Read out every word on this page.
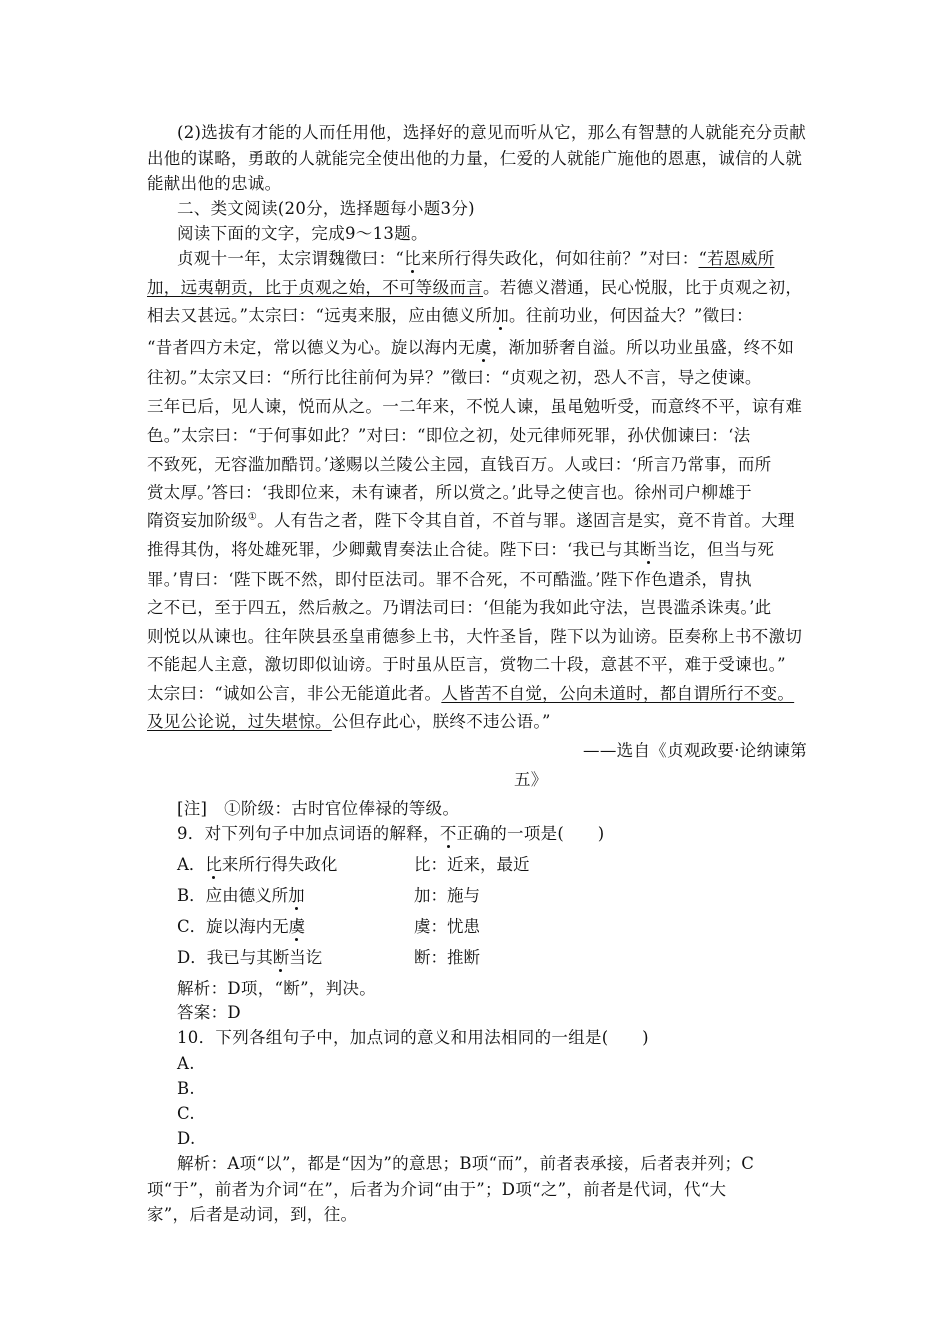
(2)选拔有才能的人而任用他，选择好的意见而听从它，那么有智慧的人就能充分贡献
出他的谋略，勇敢的人就能完全使出他的力量，仁爱的人就能广施他的恩惠，诚信的人就
能献出他的忠诚。
二、类文阅读(20分，选择题每小题3分)
阅读下面的文字，完成9～13题。
贞观十一年，太宗谓魏徵曰：“比来所行得失政化，何如往前？”对曰：“若恩威所
加，远夷朝贡，比于贞观之始，不可等级而言。若德义潜通，民心悦服，比于贞观之初，
相去又甚远。”太宗曰：“远夷来服，应由德义所加。往前功业，何因益大？”徵曰：
“昔者四方未定，常以德义为心。旋以海内无虞，渐加骄奢自溢。所以功业虽盛，终不如
往初。”太宗又曰：“所行比往前何为异？”徵曰：“贞观之初，恐人不言，导之使谏。
三年已后，见人谏，悦而从之。一二年来，不悦人谏，虽黾勉听受，而意终不平，谅有难
色。”太宗曰：“于何事如此？”对曰：“即位之初，处元律师死罪，孙伏伽谏曰：‘法
不致死，无容滥加酷罚。’遂赐以兰陵公主园，直钱百万。人或曰：‘所言乃常事，而所
赏太厚。’答曰：‘我即位来，未有谏者，所以赏之。’此导之使言也。徐州司户柳雄于
隋资妄加阶级①。人有告之者，陛下令其自首，不首与罪。遂固言是实，竟不肯首。大理
推得其伪，将处雄死罪，少卿戴胄奏法止合徒。陛下曰：‘我已与其断当讫，但当与死
罪。’胄曰：‘陛下既不然，即付臣法司。罪不合死，不可酷滥。’陛下作色遣杀，胄执
之不已，至于四五，然后赦之。乃谓法司曰：‘但能为我如此守法，岂畏滥杀诛夷。’此
则悦以从谏也。往年陕县丞皇甫德参上书，大忤圣旨，陛下以为讪谤。臣奏称上书不激切
不能起人主意，激切即似讪谤。于时虽从臣言，赏物二十段，意甚不平，难于受谏也。”
太宗曰：“诚如公言，非公无能道此者。人皆苦不自觉，公向未道时，都自谓所行不变。
及见公论说，过失堪惊。公但存此心，朕终不违公语。”
——选自《贞观政要·论纳谏第
五》
[注]　①阶级：古时官位俸禄的等级。
9．对下列句子中加点词语的解释，不正确的一项是(　　)
A．比来所行得失政化	比：近来，最近
B．应由德义所加	加：施与
C．旋以海内无虞	虞：忧患
D．我已与其断当讫	断：推断
解析：D项，“断”，判决。
答案：D
10．下列各组句子中，加点词的意义和用法相同的一组是(　　)
A.
B.
C.
D.
解析：A项“以”，都是“因为”的意思；B项“而”，前者表承接，后者表并列；C
项“于”，前者为介词“在”，后者为介词“由于”；D项“之”，前者是代词，代“大
家”，后者是动词，到，往。
